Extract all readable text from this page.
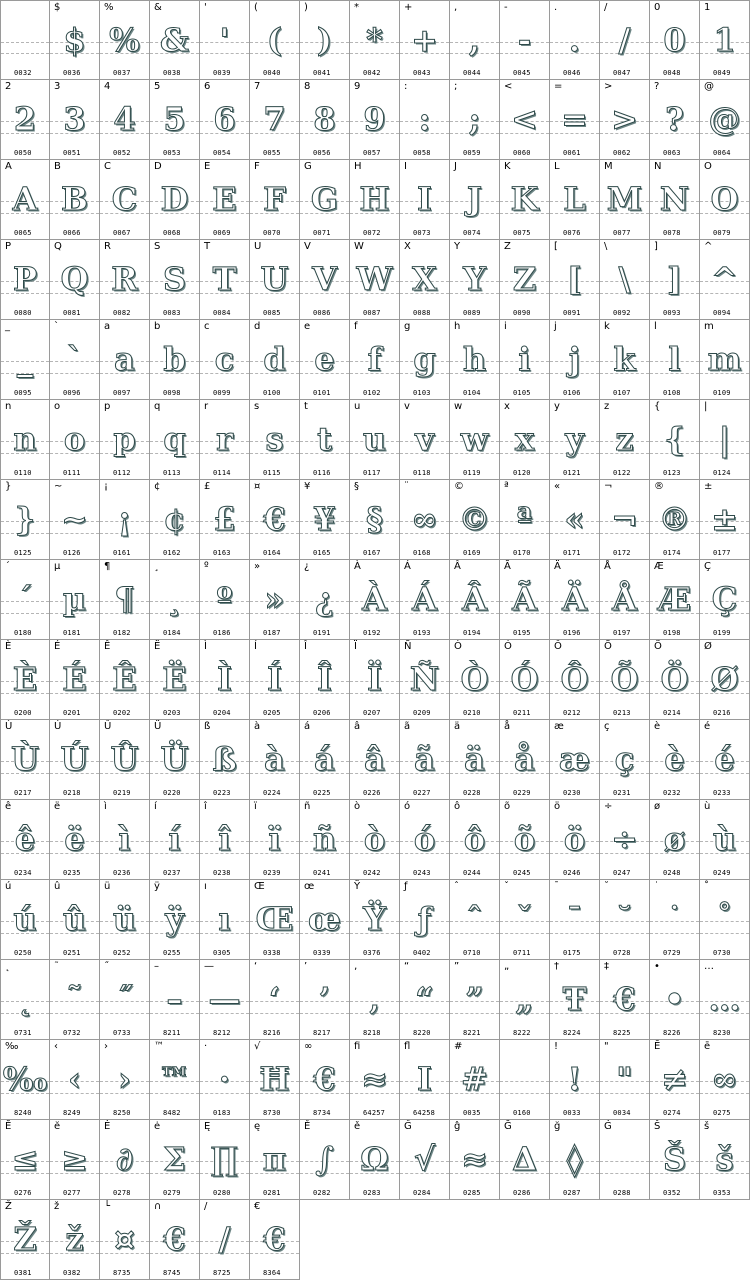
0032
$
$
0036
%
%
0037
&
&
0038
'
'
0039
(
(
0040
)
)
0041
*
*
0042
+
+
0043
,
,
0044
-
-
0045
.
.
0046
/
/
0047
0
0
0048
1
1
0049
2
2
0050
3
3
0051
4
4
0052
5
5
0053
6
6
0054
7
7
0055
8
8
0056
9
9
0057
:
:
0058
;
;
0059
<
<
0060
=
=
0061
>
>
0062
?
?
0063
@
@
0064
A
A
0065
B
B
0066
C
C
0067
D
D
0068
E
E
0069
F
F
0070
G
G
0071
H
H
0072
I
I
0073
J
J
0074
K
K
0075
L
L
0076
M
M
0077
N
N
0078
O
O
0079
P
P
0080
Q
Q
0081
R
R
0082
S
S
0083
T
T
0084
U
U
0085
V
V
0086
W
W
0087
X
X
0088
Y
Y
0089
Z
Z
0090
[
[
0091
\
\
0092
]
]
0093
^
^
0094
_
_
0095
`
`
0096
a
a
0097
b
b
0098
c
c
0099
d
d
0100
e
e
0101
f
f
0102
g
g
0103
h
h
0104
i
i
0105
j
j
0106
k
k
0107
l
l
0108
m
m
0109
n
n
0110
o
o
0111
p
p
0112
q
q
0113
r
r
0114
s
s
0115
t
t
0116
u
u
0117
v
v
0118
w
w
0119
x
x
0120
y
y
0121
z
z
0122
{
{
0123
|
|
0124
}
}
0125
~
~
0126
¡
¡
0161
¢
¢
0162
£
£
0163
¤
€
0164
¥
¥
0165
§
§
0167
¨
∞
0168
©
©
0169
ª
ª
0170
«
«
0171
¬
¬
0172
®
®
0174
±
±
0177
´
´
0180
µ
µ
0181
¶
¶
0182
¸
¸
0184
º
º
0186
»
»
0187
¿
¿
0191
À
À
0192
Á
Á
0193
Â
Â
0194
Ã
Ã
0195
Ä
Ä
0196
Å
Å
0197
Æ
Æ
0198
Ç
Ç
0199
È
È
0200
É
É
0201
Ê
Ê
0202
Ë
Ë
0203
Ì
Ì
0204
Í
Í
0205
Î
Î
0206
Ï
Ï
0207
Ñ
Ñ
0209
Ò
Ò
0210
Ó
Ó
0211
Ô
Ô
0212
Õ
Õ
0213
Ö
Ö
0214
Ø
Ø
0216
Ù
Ù
0217
Ú
Ú
0218
Û
Û
0219
Ü
Ü
0220
ß
ß
0223
à
à
0224
á
á
0225
â
â
0226
ã
ã
0227
ä
ä
0228
å
å
0229
æ
æ
0230
ç
ç
0231
è
è
0232
é
é
0233
ê
ê
0234
ë
ë
0235
ì
ì
0236
í
í
0237
î
î
0238
ï
ï
0239
ñ
ñ
0241
ò
ò
0242
ó
ó
0243
ô
ô
0244
õ
õ
0245
ö
ö
0246
÷
÷
0247
ø
ø
0248
ù
ù
0249
ú
ú
0250
û
û
0251
ü
ü
0252
ÿ
ÿ
0255
ı
ı
0305
Œ
Œ
0338
œ
œ
0339
Ÿ
Ÿ
0376
ƒ
ƒ
0402
ˆ
ˆ
0710
ˇ
ˇ
0711
¯
¯
0175
˘
˘
0728
˙
˙
0729
˚
˚
0730
˛
˛
0731
˜
˜
0732
˝
˝
0733
–
–
8211
—
—
8212
‘
‘
8216
’
’
8217
‚
‚
8218
“
“
8220
”
”
8221
„
„
8222
†
Ŧ
8224
‡
€
8225
•
•
8226
…
…
8230
‰
‰
8240
‹
‹
8249
›
›
8250
™
™
8482
·
·
0183
√
Ħ
8730
∞
€
8734
ﬁ
≈
64257
ﬂ
I
64258
#
#
0035	0160
!
!
0033
"
"
0034
Ē
≠
0274
ē
∞
0275
Ĕ
≤
0276
ĕ
≥
0277
Ė
∂
0278
ė
Σ
0279
Ę
∏
0280
ę
π
0281
Ě
∫
0282
ě
Ω
0283
Ĝ
√
0284
ĝ
≈
0285
Ğ
∆
0286
ğ
◊
0287
Ġ
0288
Š
Š
0352
š
š
0353
Ž
Ž
0381
ž
ž
0382
└
¤
8735
∩
€
8745
/
/
8725
€
€
8364
